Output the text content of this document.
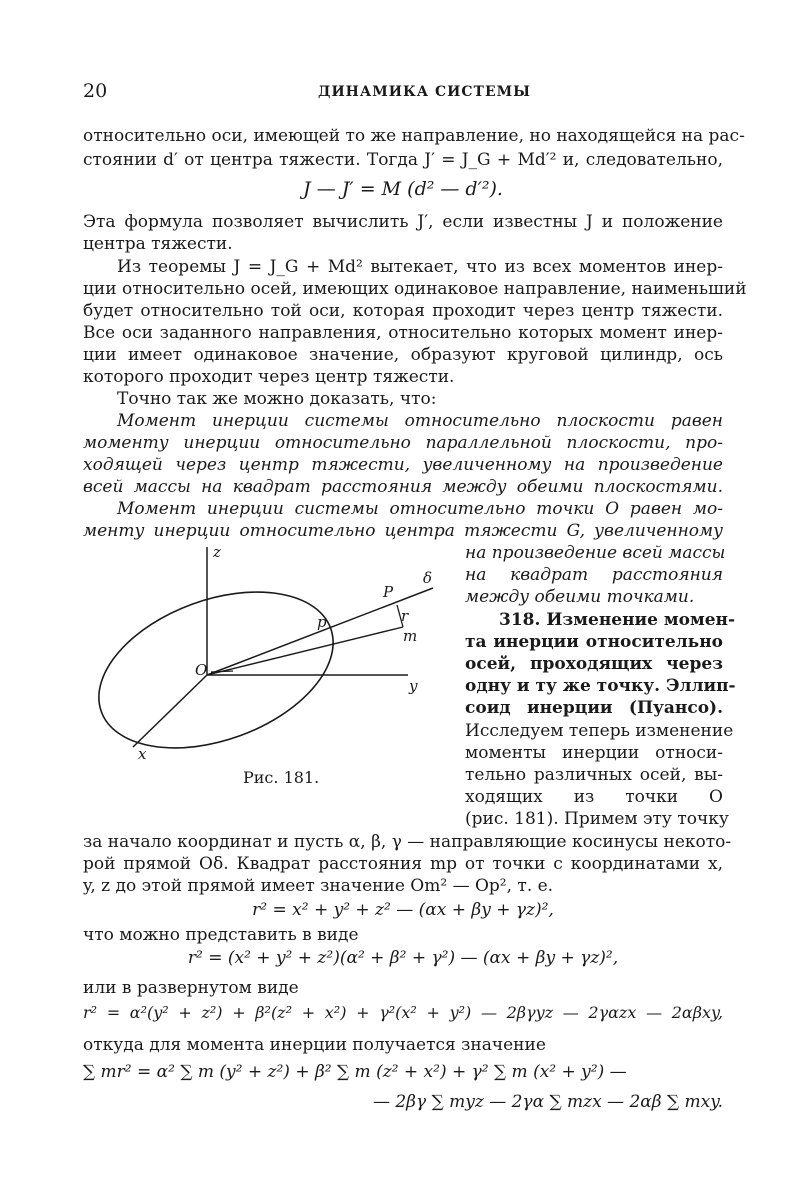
20	ДИНАМИКА СИСТЕМЫ
относительно оси, имеющей то же направление, но находящейся на рас-
стоянии d′ от центра тяжести. Тогда J′ = J_G + Md′² и, следовательно,
J — J′ = M (d² — d′²).
Эта формула позволяет вычислить J′, если известны J и положение
центра тяжести.
Из теоремы J = J_G + Md² вытекает, что из всех моментов инер-
ции относительно осей, имеющих одинаковое направление, наименьший
будет относительно той оси, которая проходит через центр тяжести.
Все оси заданного направления, относительно которых момент инер-
ции имеет одинаковое значение, образуют круговой цилиндр, ось
которого проходит через центр тяжести.
Точно так же можно доказать, что:
Момент инерции системы относительно плоскости равен
моменту инерции относительно параллельной плоскости, про-
ходящей через центр тяжести, увеличенному на произведение
всей массы на квадрат расстояния между обеими плоскостями.
Момент инерции системы относительно точки O равен мо-
менту инерции относительно центра тяжести G, увеличенному
на произведение всей массы
на квадрат расстояния
между обеими точками.
318. Изменение момен-
та инерции относительно
осей, проходящих через
одну и ту же точку. Эллип-
соид инерции (Пуансо).
Исследуем теперь изменение
моменты инерции относи-
тельно различных осей, вы-
ходящих из точки O
(рис. 181). Примем эту точку
z
δ
P
p	r
m
O
y
x
Рис. 181.
за начало координат и пусть α, β, γ — направляющие косинусы некото-
рой прямой Oδ. Квадрат расстояния mp от точки с координатами x,
y, z до этой прямой имеет значение Om² — Op², т. е.
r² = x² + y² + z² — (αx + βy + γz)²,
что можно представить в виде
r² = (x² + y² + z²)(α² + β² + γ²) — (αx + βy + γz)²,
или в развернутом виде
r² = α²(y² + z²) + β²(z² + x²) + γ²(x² + y²) — 2βγyz — 2γαzx — 2αβxy,
откуда для момента инерции получается значение
∑ mr² = α² ∑ m (y² + z²) + β² ∑ m (z² + x²) + γ² ∑ m (x² + y²) —
— 2βγ ∑ myz — 2γα ∑ mzx — 2αβ ∑ mxy.
